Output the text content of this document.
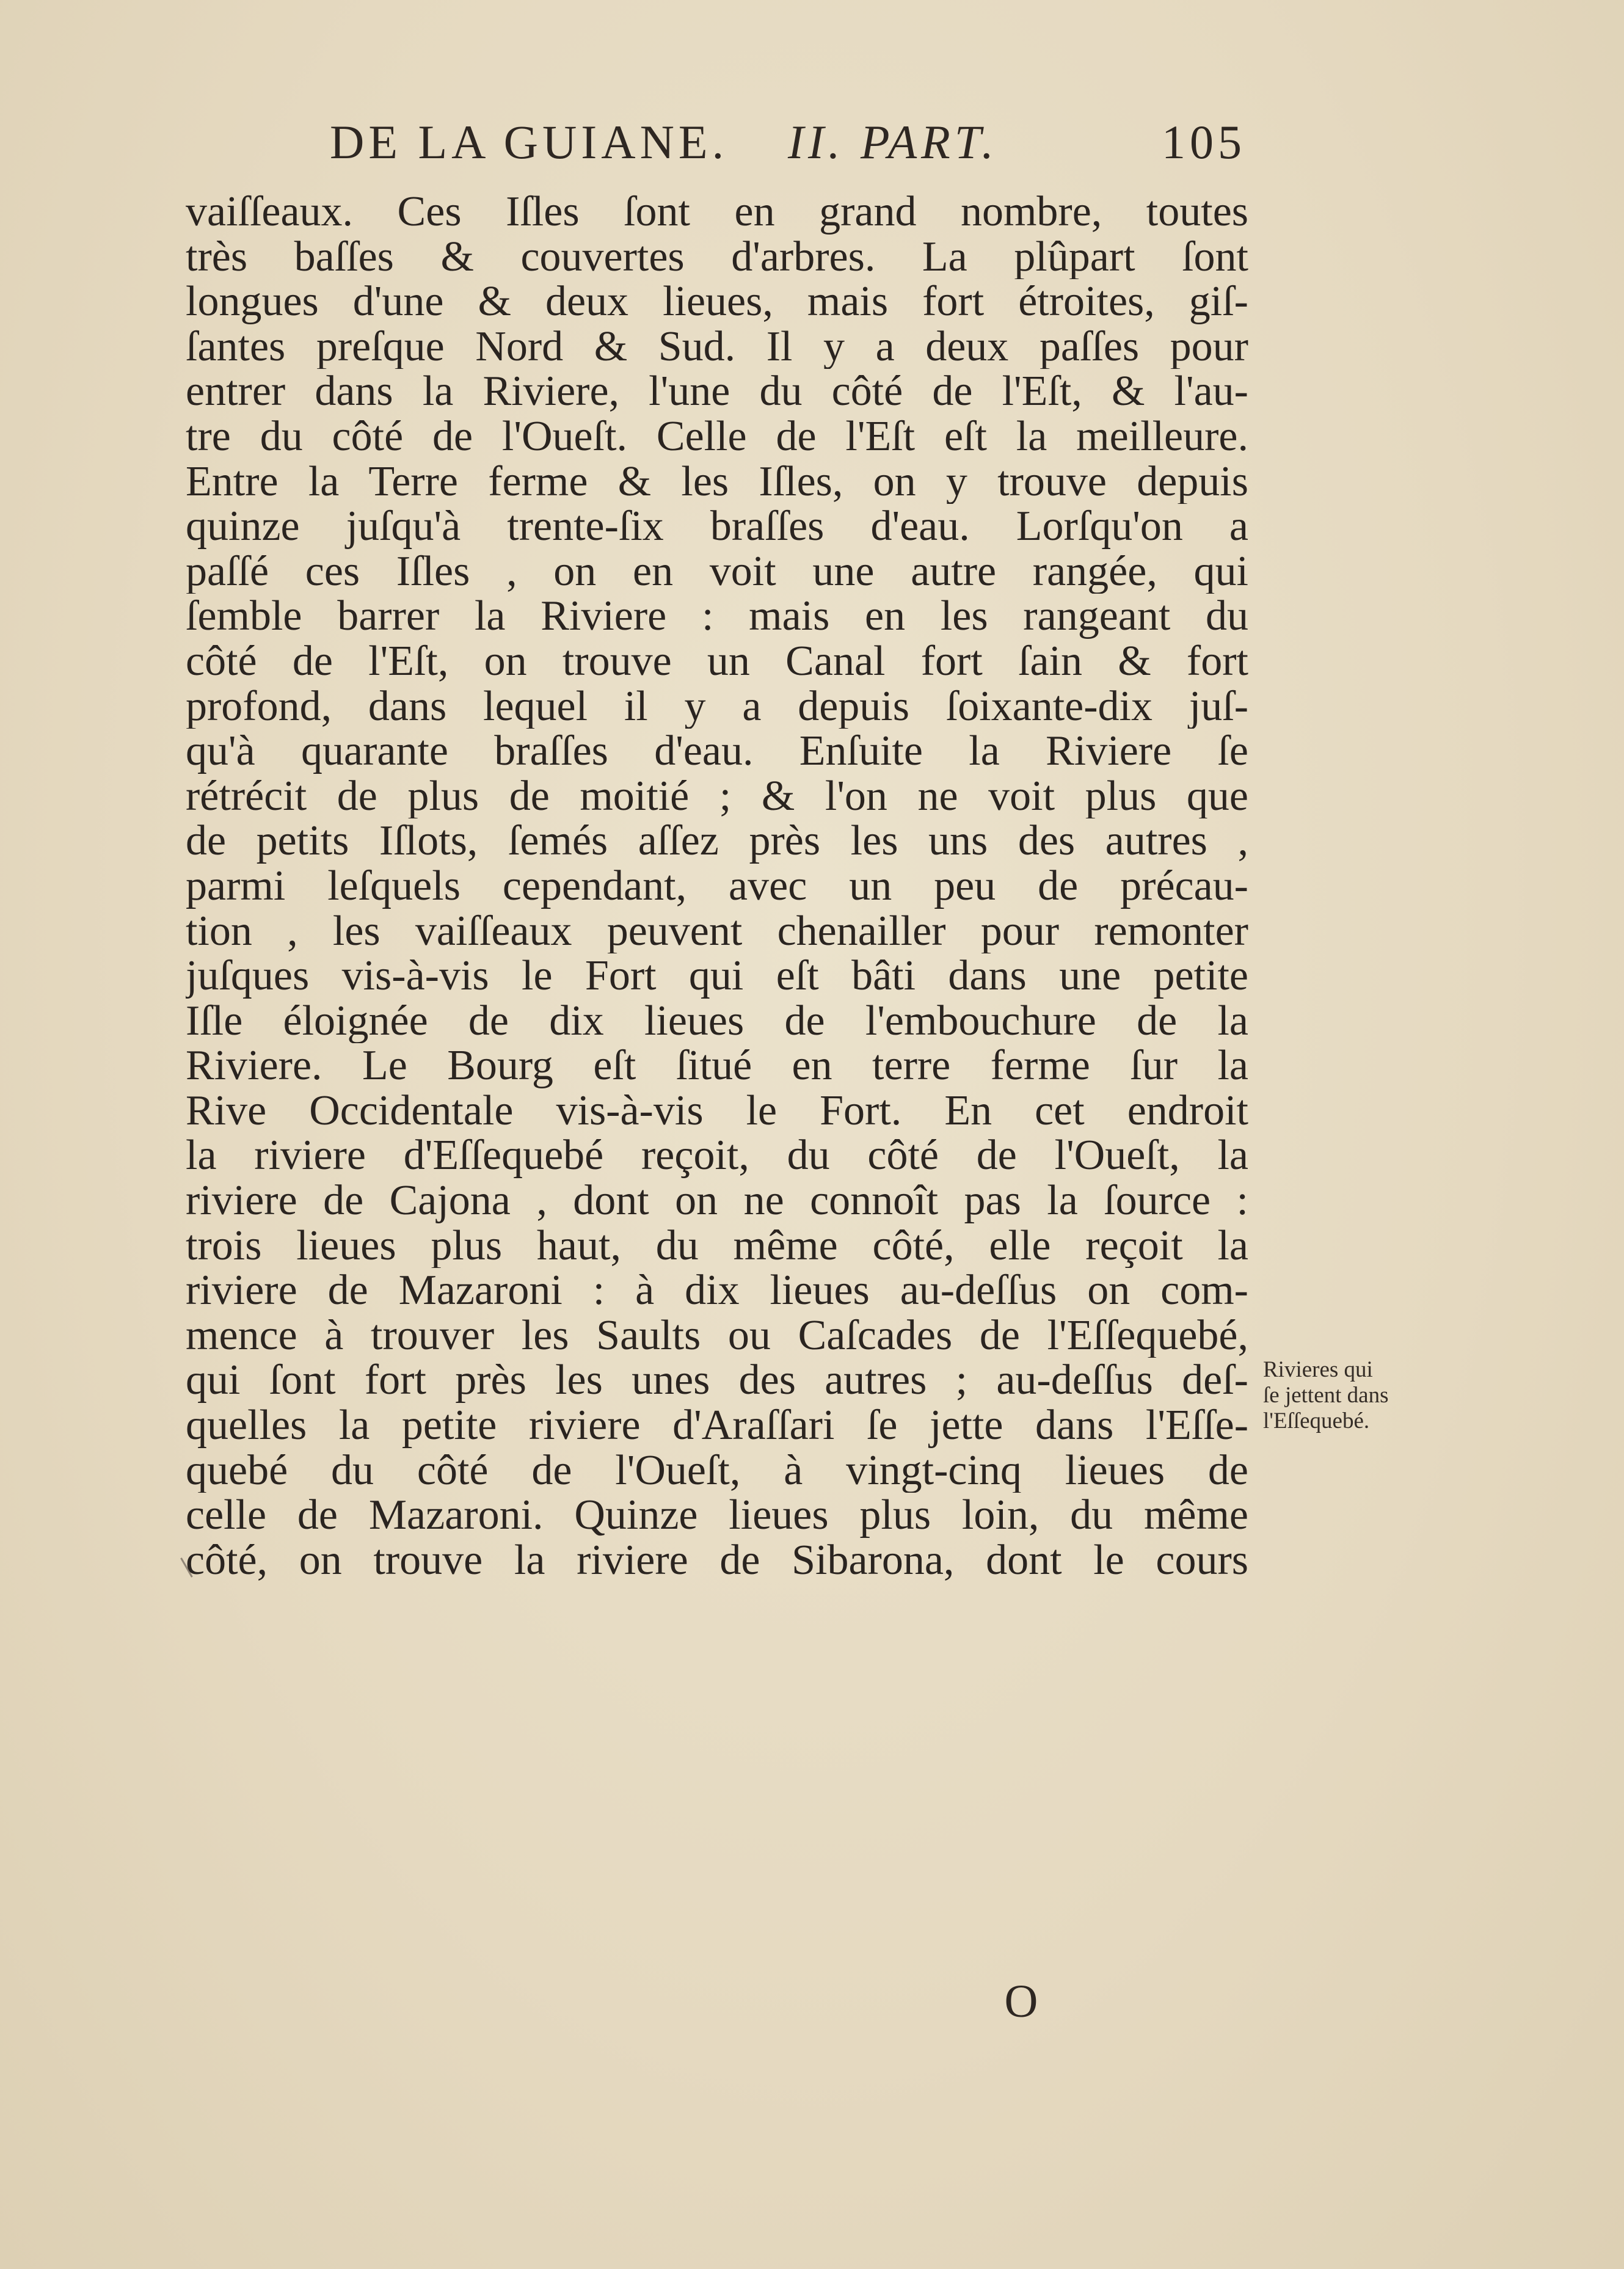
DE LA GUIANE. II. PART.	105
vaiſſeaux. Ces Iſles ſont en grand nombre, toutes
très baſſes & couvertes d'arbres. La plûpart ſont
longues d'une & deux lieues, mais fort étroites, giſ-
ſantes preſque Nord & Sud. Il y a deux paſſes pour
entrer dans la Riviere, l'une du côté de l'Eſt, & l'au-
tre du côté de l'Oueſt. Celle de l'Eſt eſt la meilleure.
Entre la Terre ferme & les Iſles, on y trouve depuis
quinze juſqu'à trente-ſix braſſes d'eau. Lorſqu'on a
paſſé ces Iſles , on en voit une autre rangée, qui
ſemble barrer la Riviere : mais en les rangeant du
côté de l'Eſt, on trouve un Canal fort ſain & fort
profond, dans lequel il y a depuis ſoixante-dix juſ-
qu'à quarante braſſes d'eau. Enſuite la Riviere ſe
rétrécit de plus de moitié ; & l'on ne voit plus que
de petits Iſlots, ſemés aſſez près les uns des autres ,
parmi leſquels cependant, avec un peu de précau-
tion , les vaiſſeaux peuvent chenailler pour remonter
juſques vis-à-vis le Fort qui eſt bâti dans une petite
Iſle éloignée de dix lieues de l'embouchure de la
Riviere. Le Bourg eſt ſitué en terre ferme ſur la
Rive Occidentale vis-à-vis le Fort. En cet endroit
la riviere d'Eſſequebé reçoit, du côté de l'Oueſt, la
riviere de Cajona , dont on ne connoît pas la ſource :
trois lieues plus haut, du même côté, elle reçoit la
riviere de Mazaroni : à dix lieues au-deſſus on com-
mence à trouver les Saults ou Caſcades de l'Eſſequebé,
qui ſont fort près les unes des autres ; au-deſſus deſ-
quelles la petite riviere d'Araſſari ſe jette dans l'Eſſe-
quebé du côté de l'Oueſt, à vingt-cinq lieues de
celle de Mazaroni. Quinze lieues plus loin, du même
côté, on trouve la riviere de Sibarona, dont le cours
Rivieres qui
ſe jettent dans
l'Eſſequebé.
O
